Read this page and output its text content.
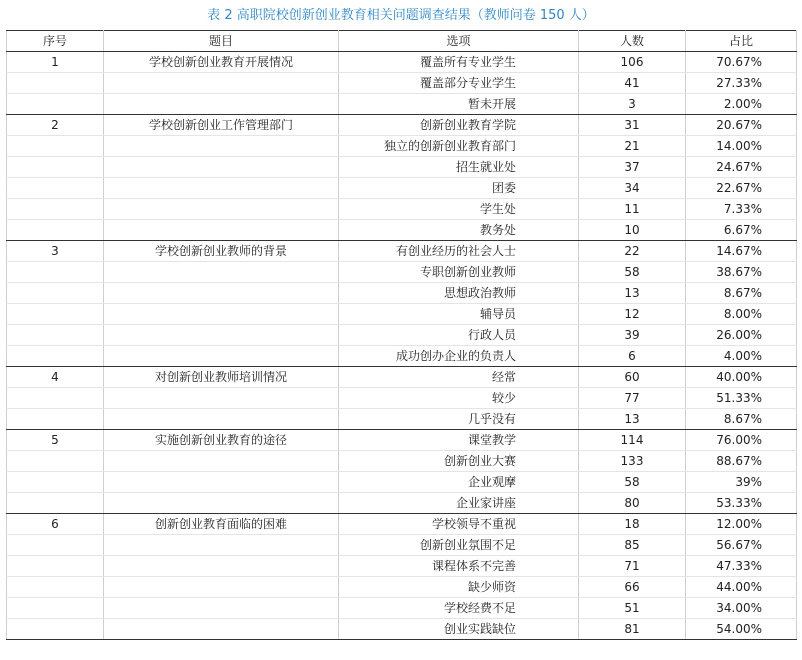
表 2 高职院校创新创业教育相关问题调查结果（教师问卷 150 人）
序号	题目	选项	人数	占比
1	学校创新创业教育开展情况	覆盖所有专业学生	106	70.67%
		覆盖部分专业学生	41	27.33%
		暂未开展	3	2.00%
2	学校创新创业工作管理部门	创新创业教育学院	31	20.67%
		独立的创新创业教育部门	21	14.00%
		招生就业处	37	24.67%
		团委	34	22.67%
		学生处	11	7.33%
		教务处	10	6.67%
3	学校创新创业教师的背景	有创业经历的社会人士	22	14.67%
		专职创新创业教师	58	38.67%
		思想政治教师	13	8.67%
		辅导员	12	8.00%
		行政人员	39	26.00%
		成功创办企业的负责人	6	4.00%
4	对创新创业教师培训情况	经常	60	40.00%
		较少	77	51.33%
		几乎没有	13	8.67%
5	实施创新创业教育的途径	课堂教学	114	76.00%
		创新创业大赛	133	88.67%
		企业观摩	58	39%
		企业家讲座	80	53.33%
6	创新创业教育面临的困难	学校领导不重视	18	12.00%
		创新创业氛围不足	85	56.67%
		课程体系不完善	71	47.33%
		缺少师资	66	44.00%
		学校经费不足	51	34.00%
		创业实践缺位	81	54.00%
